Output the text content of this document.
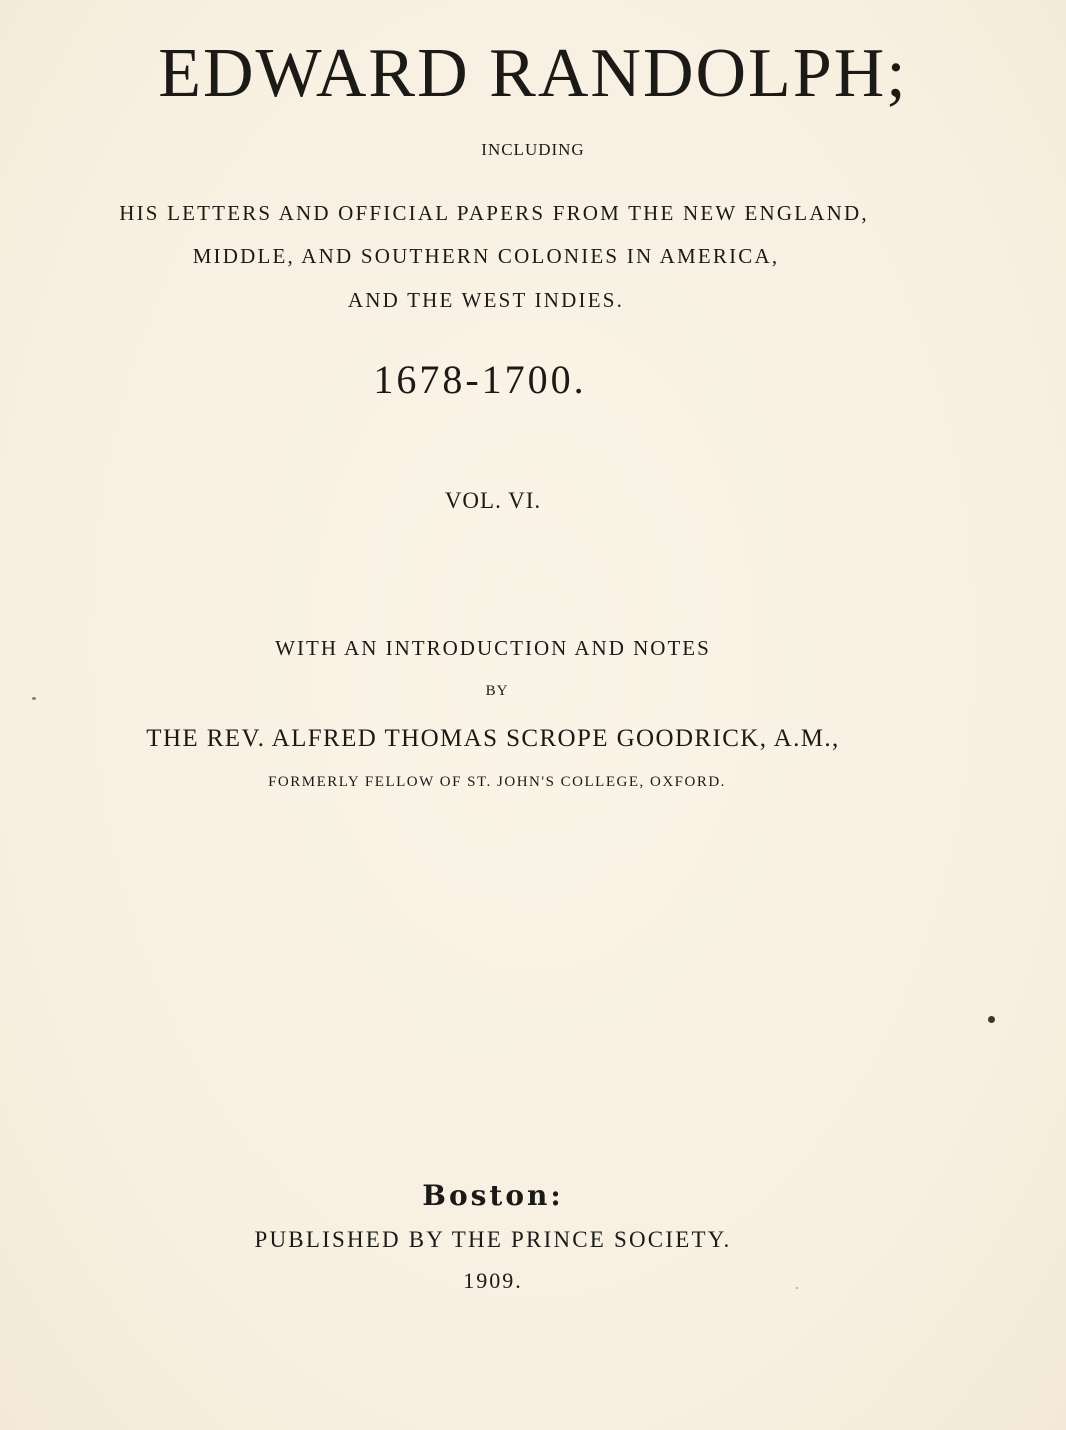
EDWARD RANDOLPH;
INCLUDING
HIS LETTERS AND OFFICIAL PAPERS FROM THE NEW ENGLAND,
MIDDLE, AND SOUTHERN COLONIES IN AMERICA,
AND THE WEST INDIES.
1678-1700.
VOL. VI.
WITH AN INTRODUCTION AND NOTES
BY
THE REV. ALFRED THOMAS SCROPE GOODRICK, A.M.,
FORMERLY FELLOW OF ST. JOHN'S COLLEGE, OXFORD.
Boston:
PUBLISHED BY THE PRINCE SOCIETY.
1909.
